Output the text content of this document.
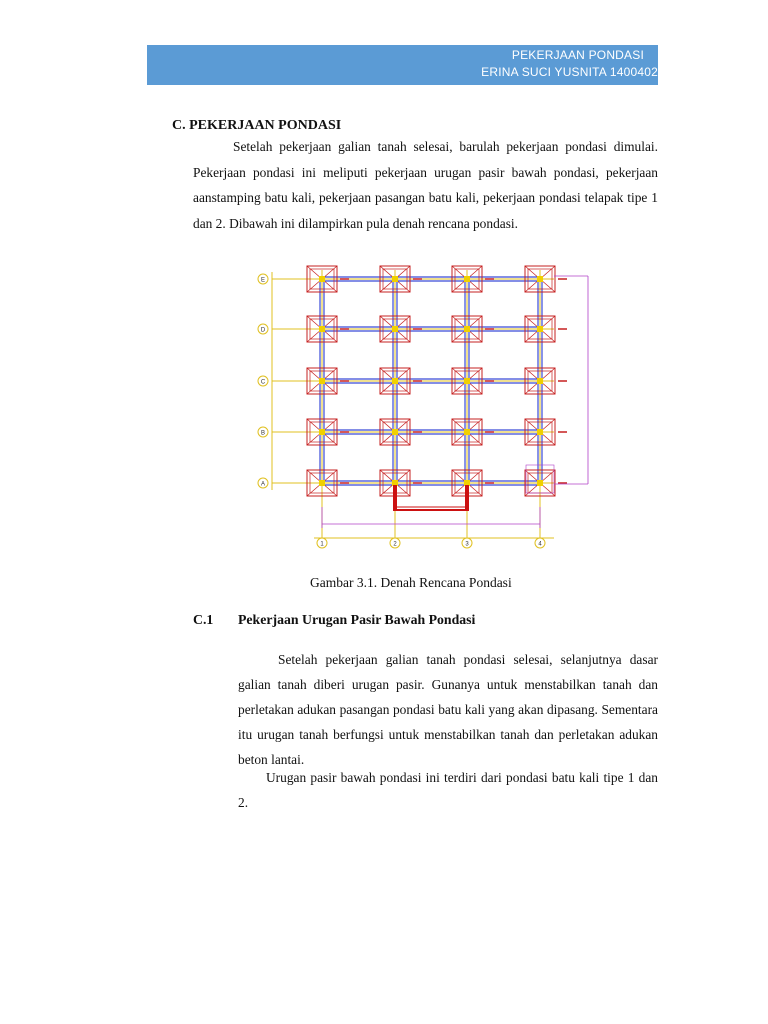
PEKERJAAN PONDASI
ERINA SUCI YUSNITA 1400402
C. PEKERJAAN PONDASI
Setelah pekerjaan galian tanah selesai, barulah pekerjaan pondasi dimulai. Pekerjaan pondasi ini meliputi pekerjaan urugan pasir bawah pondasi, pekerjaan aanstamping batu kali, pekerjaan pasangan batu kali, pekerjaan pondasi telapak tipe 1 dan 2. Dibawah ini dilampirkan pula denah rencana pondasi.
E
D
C
B
A
1	2	3	4
Gambar 3.1. Denah Rencana Pondasi
C.1 Pekerjaan Urugan Pasir Bawah Pondasi
Setelah pekerjaan galian tanah pondasi selesai, selanjutnya dasar galian tanah diberi urugan pasir. Gunanya untuk menstabilkan tanah dan perletakan adukan pasangan pondasi batu kali yang akan dipasang. Sementara itu urugan tanah berfungsi untuk menstabilkan tanah dan perletakan adukan beton lantai.
Urugan pasir bawah pondasi ini terdiri dari pondasi batu kali tipe 1 dan 2.
